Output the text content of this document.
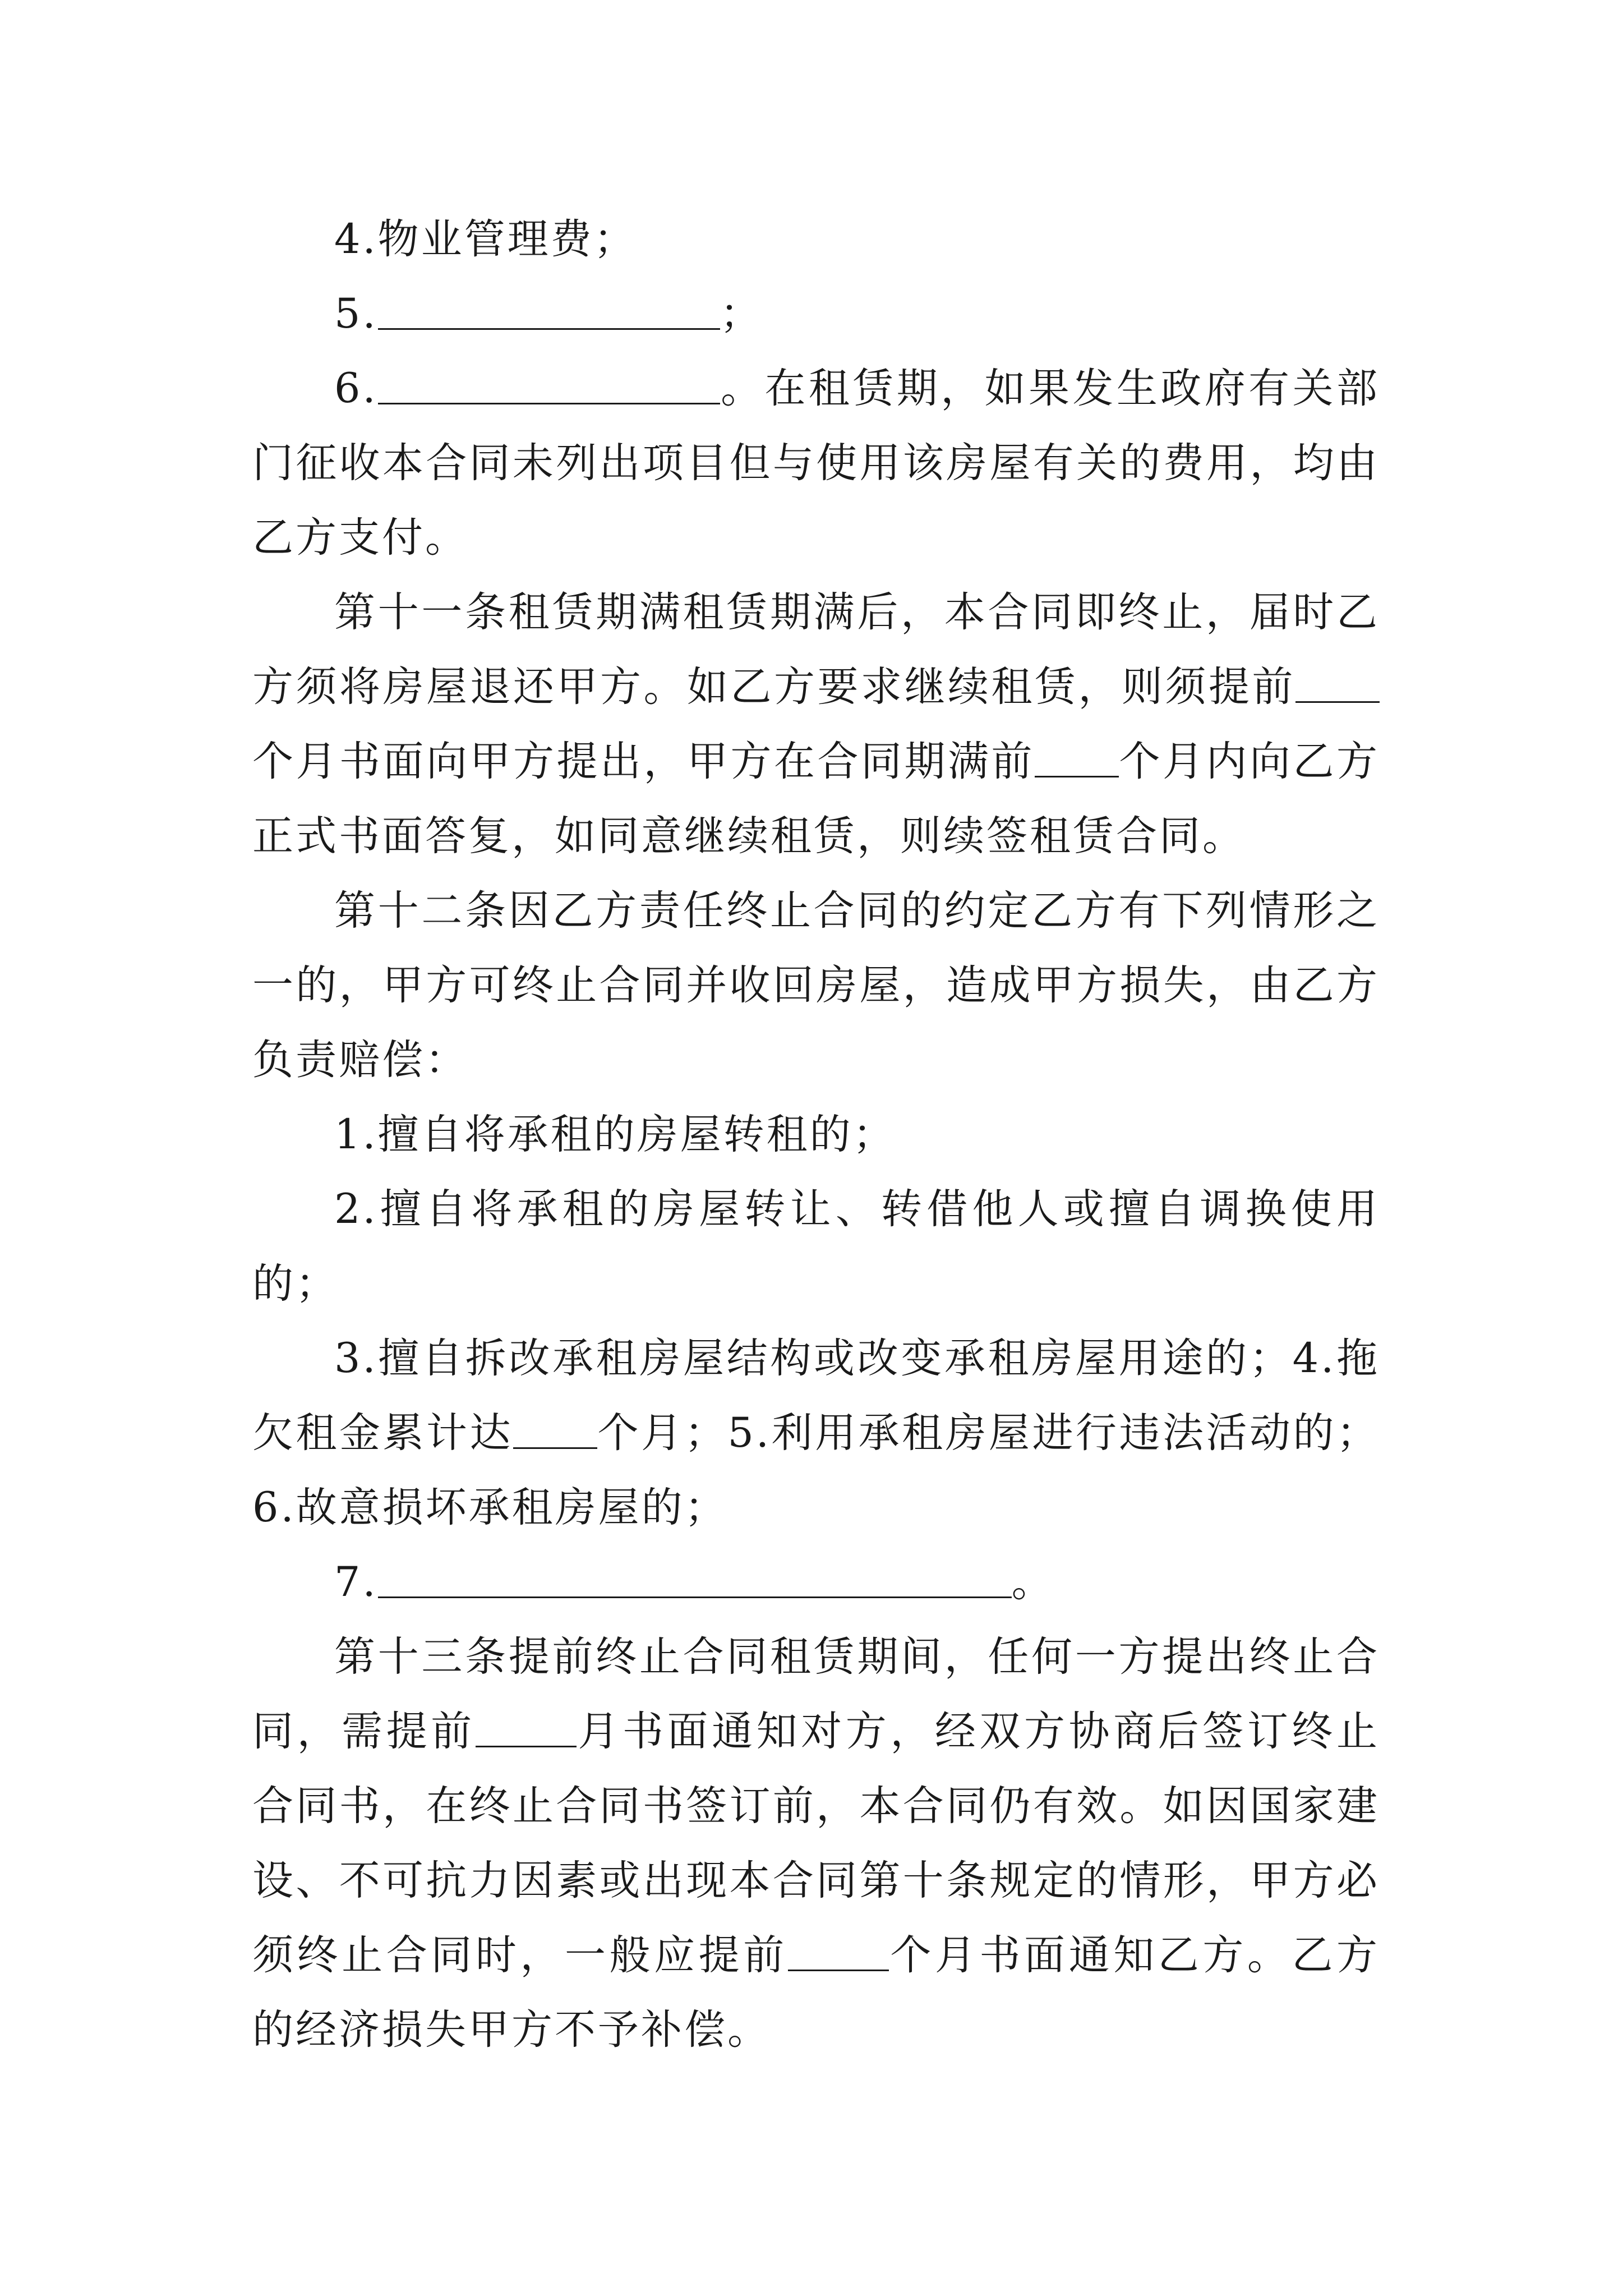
4.物业管理费；

5.	；

6.	。在租赁期，如果发生政府有关部门征收本合同未列出项目但与使用该房屋有关的费用，均由乙方支付。

第十一条租赁期满租赁期满后，本合同即终止，届时乙方须将房屋退还甲方。如乙方要求继续租赁，则须提前个月书面向甲方提出，甲方在合同期满前 个月内向乙方正式书面答复，如同意继续租赁，则续签租赁合同。

第十二条因乙方责任终止合同的约定乙方有下列情形之一的，甲方可终止合同并收回房屋，造成甲方损失，由乙方负责赔偿：

1.擅自将承租的房屋转租的；

2.擅自将承租的房屋转让、转借他人或擅自调换使用的；

3.擅自拆改承租房屋结构或改变承租房屋用途的；4.拖欠租金累计达 个月；5.利用承租房屋进行违法活动的；6.故意损坏承租房屋的；

7.	。

第十三条提前终止合同租赁期间，任何一方提出终止合同，需提前 月书面通知对方，经双方协商后签订终止合同书，在终止合同书签订前，本合同仍有效。如因国家建设、不可抗力因素或出现本合同第十条规定的情形，甲方必须终止合同时，一般应提前 个月书面通知乙方。乙方的经济损失甲方不予补偿。
